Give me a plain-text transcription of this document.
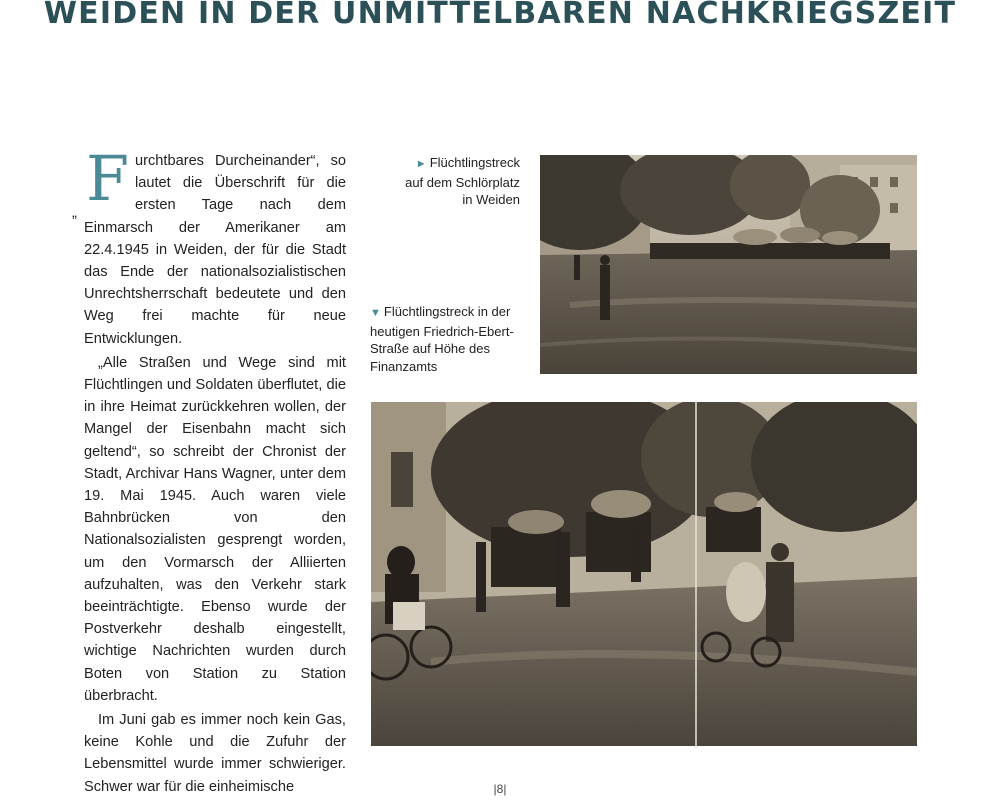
WEIDEN IN DER UNMITTELBAREN NACHKRIEGSZEIT
„ Furchtbares Durcheinander“, so lautet die Überschrift für die ersten Tage nach dem Einmarsch der Amerikaner am 22.4.1945 in Weiden, der für die Stadt das Ende der nationalsozialistischen Unrechtsherrschaft bedeutete und den Weg frei machte für neue Entwicklungen.

„Alle Straßen und Wege sind mit Flüchtlingen und Soldaten überflutet, die in ihre Heimat zurückkehren wollen, der Mangel der Eisenbahn macht sich geltend“, so schreibt der Chronist der Stadt, Archivar Hans Wagner, unter dem 19. Mai 1945. Auch waren viele Bahnbrücken von den Nationalsozialisten gesprengt worden, um den Vormarsch der Alliierten aufzuhalten, was den Verkehr stark beeinträchtigte. Ebenso wurde der Postverkehr deshalb eingestellt, wichtige Nachrichten wurden durch Boten von Station zu Station überbracht.

Im Juni gab es immer noch kein Gas, keine Kohle und die Zufuhr der Lebensmittel wurde immer schwieriger. Schwer war für die einheimische

► Flüchtlingstreck auf dem Schlörplatz in Weiden
▼ Flüchtlingstreck in der heutigen Friedrich-Ebert-Straße auf Höhe des Finanzamts
|8|
